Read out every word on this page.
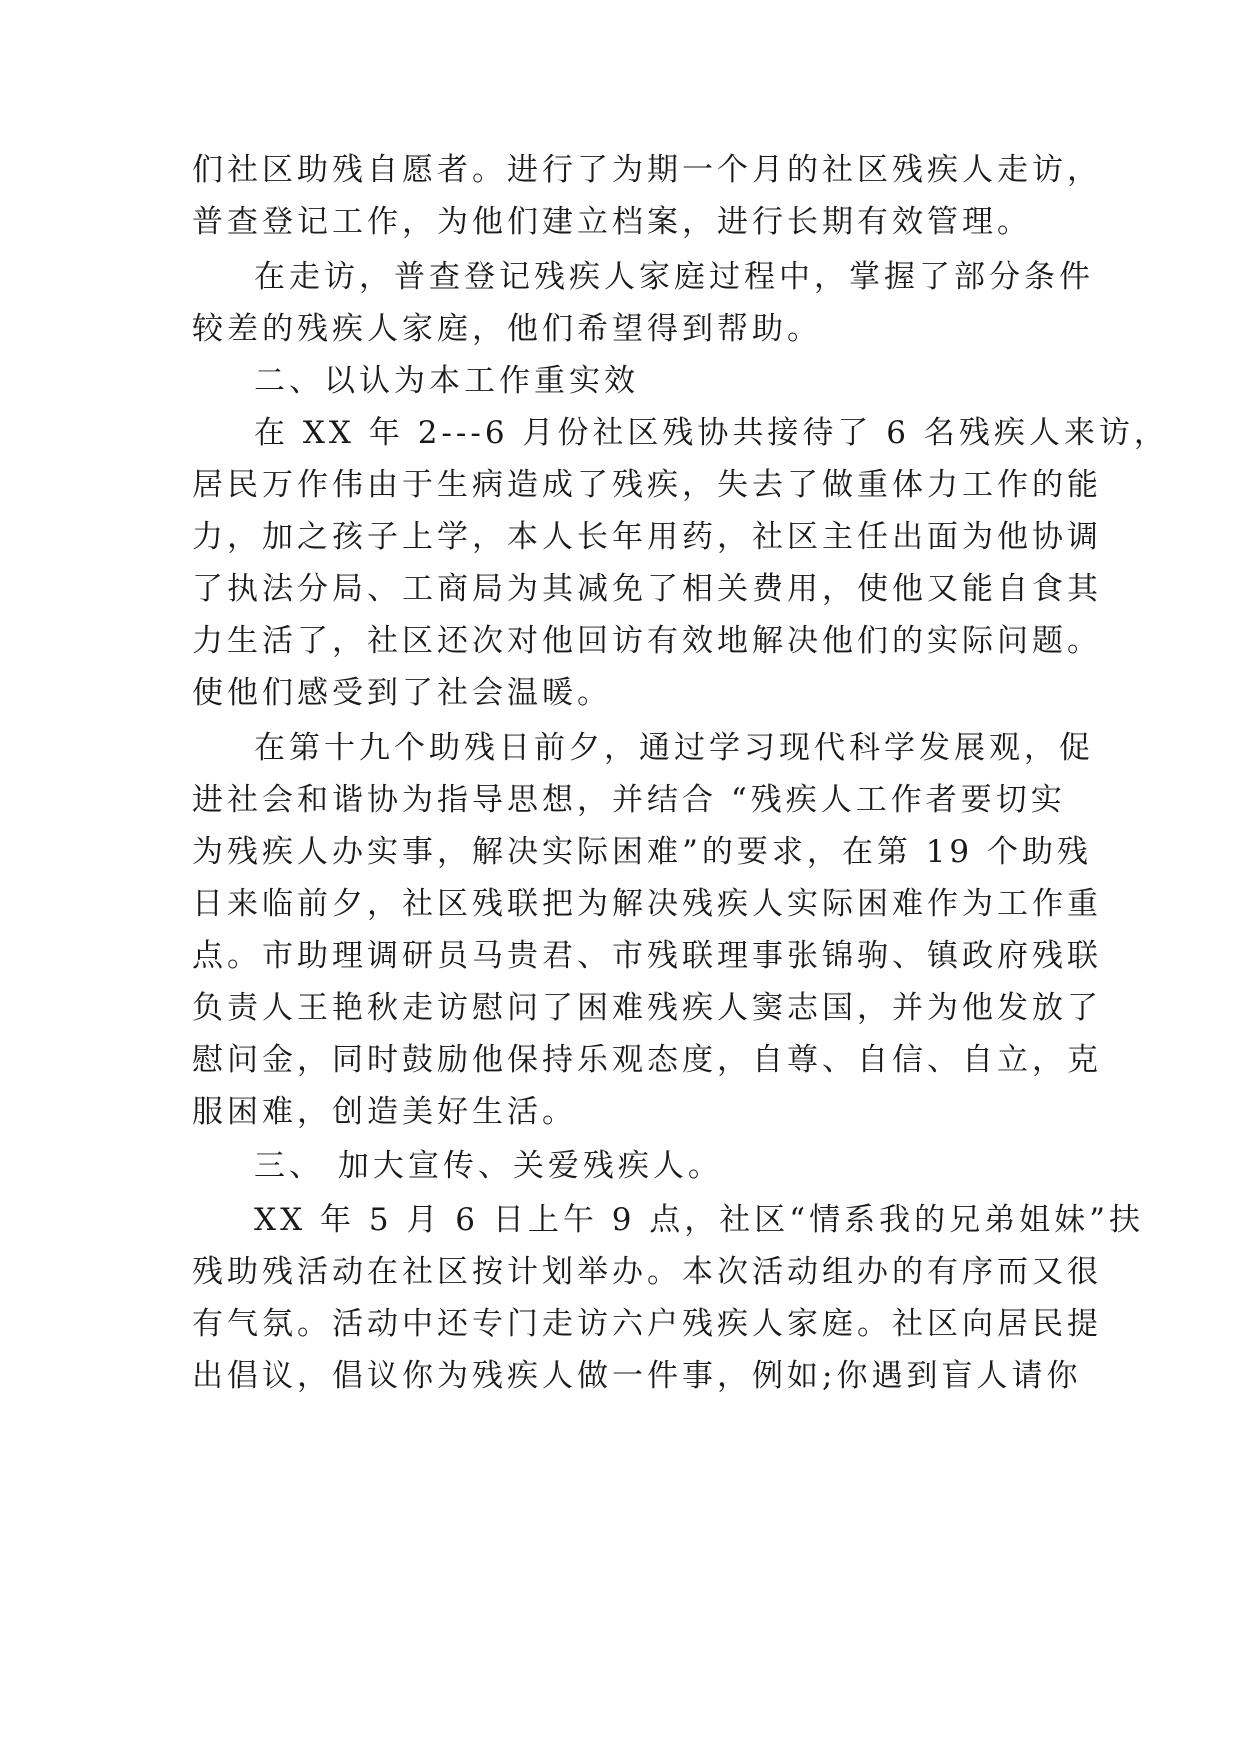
们社区助残自愿者。进行了为期一个月的社区残疾人走访，
普查登记工作，为他们建立档案，进行长期有效管理。
在走访，普查登记残疾人家庭过程中，掌握了部分条件
较差的残疾人家庭，他们希望得到帮助。
二、以认为本工作重实效
在 XX 年 2---6 月份社区残协共接待了 6 名残疾人来访，
居民万作伟由于生病造成了残疾，失去了做重体力工作的能
力，加之孩子上学，本人长年用药，社区主任出面为他协调
了执法分局、工商局为其减免了相关费用，使他又能自食其
力生活了，社区还次对他回访有效地解决他们的实际问题。
使他们感受到了社会温暖。
在第十九个助残日前夕，通过学习现代科学发展观，促
进社会和谐协为指导思想，并结合 “残疾人工作者要切实
为残疾人办实事，解决实际困难”的要求，在第 19 个助残
日来临前夕，社区残联把为解决残疾人实际困难作为工作重
点。市助理调研员马贵君、市残联理事张锦驹、镇政府残联
负责人王艳秋走访慰问了困难残疾人窦志国，并为他发放了
慰问金，同时鼓励他保持乐观态度，自尊、自信、自立，克
服困难，创造美好生活。
三、 加大宣传、关爱残疾人。
XX 年 5 月 6 日上午 9 点，社区“情系我的兄弟姐妹”扶
残助残活动在社区按计划举办。本次活动组办的有序而又很
有气氛。活动中还专门走访六户残疾人家庭。社区向居民提
出倡议，倡议你为残疾人做一件事，例如;你遇到盲人请你
